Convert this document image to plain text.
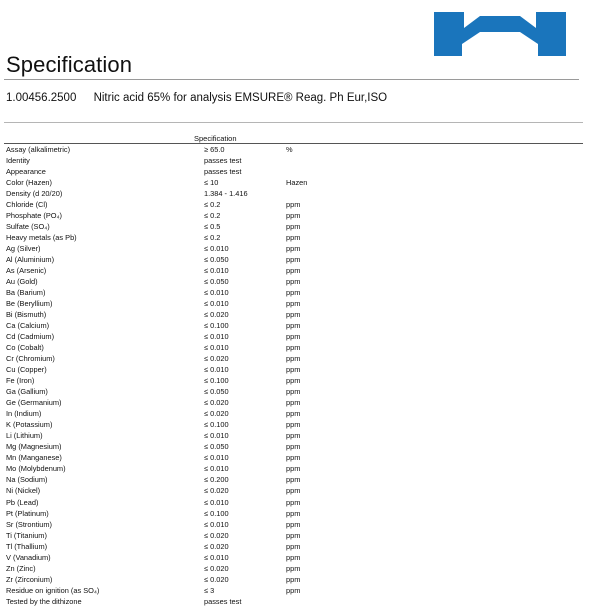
Specification
1.00456.2500 Nitric acid 65% for analysis EMSURE® Reag. Ph Eur,ISO
Specification
Assay (alkalimetric)	≥ 65.0	%
Identity	passes test
Appearance	passes test
Color (Hazen)	≤ 10	Hazen
Density (d 20/20)	1.384 - 1.416
Chloride (Cl)	≤ 0.2	ppm
Phosphate (PO₄)	≤ 0.2	ppm
Sulfate (SO₄)	≤ 0.5	ppm
Heavy metals (as Pb)	≤ 0.2	ppm
Ag (Silver)	≤ 0.010	ppm
Al (Aluminium)	≤ 0.050	ppm
As (Arsenic)	≤ 0.010	ppm
Au (Gold)	≤ 0.050	ppm
Ba (Barium)	≤ 0.010	ppm
Be (Beryllium)	≤ 0.010	ppm
Bi (Bismuth)	≤ 0.020	ppm
Ca (Calcium)	≤ 0.100	ppm
Cd (Cadmium)	≤ 0.010	ppm
Co (Cobalt)	≤ 0.010	ppm
Cr (Chromium)	≤ 0.020	ppm
Cu (Copper)	≤ 0.010	ppm
Fe (Iron)	≤ 0.100	ppm
Ga (Gallium)	≤ 0.050	ppm
Ge (Germanium)	≤ 0.020	ppm
In (Indium)	≤ 0.020	ppm
K (Potassium)	≤ 0.100	ppm
Li (Lithium)	≤ 0.010	ppm
Mg (Magnesium)	≤ 0.050	ppm
Mn (Manganese)	≤ 0.010	ppm
Mo (Molybdenum)	≤ 0.010	ppm
Na (Sodium)	≤ 0.200	ppm
Ni (Nickel)	≤ 0.020	ppm
Pb (Lead)	≤ 0.010	ppm
Pt (Platinum)	≤ 0.100	ppm
Sr (Strontium)	≤ 0.010	ppm
Ti (Titanium)	≤ 0.020	ppm
Tl (Thallium)	≤ 0.020	ppm
V (Vanadium)	≤ 0.010	ppm
Zn (Zinc)	≤ 0.020	ppm
Zr (Zirconium)	≤ 0.020	ppm
Residue on ignition (as SO₄)	≤ 3	ppm
Tested by the dithizone	passes test
